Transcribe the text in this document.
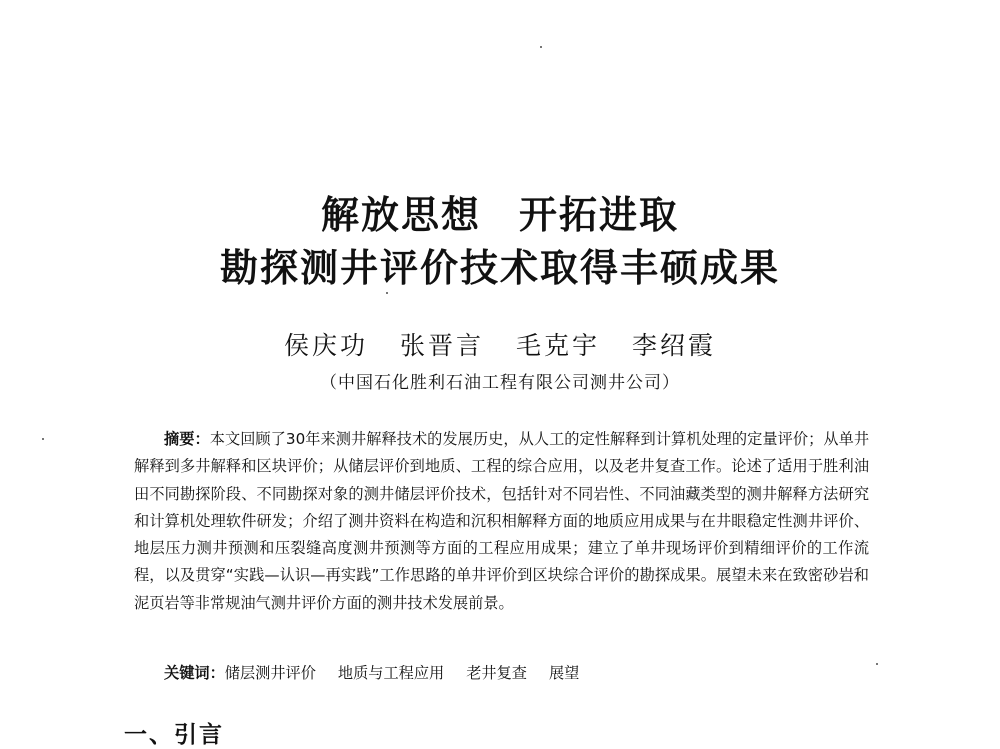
解放思想 开拓进取
勘探测井评价技术取得丰硕成果
侯庆功 张晋言 毛克宇 李绍霞
（中国石化胜利石油工程有限公司测井公司）

摘要：本文回顾了30年来测井解释技术的发展历史，从人工的定性解释到计算机处理的定量评价；从单井解释到多井解释和区块评价；从储层评价到地质、工程的综合应用，以及老井复查工作。论述了适用于胜利油田不同勘探阶段、不同勘探对象的测井储层评价技术，包括针对不同岩性、不同油藏类型的测井解释方法研究和计算机处理软件研发；介绍了测井资料在构造和沉积相解释方面的地质应用成果与在井眼稳定性测井评价、地层压力测井预测和压裂缝高度测井预测等方面的工程应用成果；建立了单井现场评价到精细评价的工作流程，以及贯穿“实践—认识—再实践”工作思路的单井评价到区块综合评价的勘探成果。展望未来在致密砂岩和泥页岩等非常规油气测井评价方面的测井技术发展前景。

关键词：储层测井评价 地质与工程应用 老井复查 展望
一、引言
